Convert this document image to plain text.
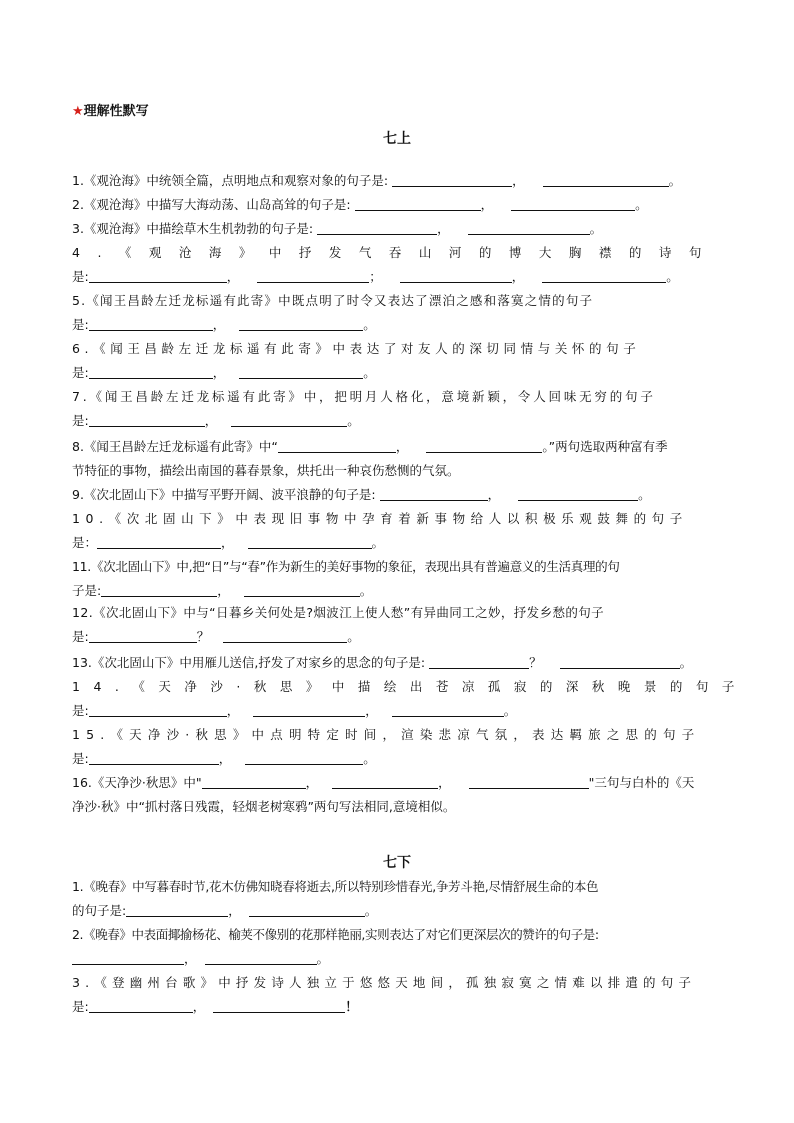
★理解性默写
七上
1.《观沧海》中统领全篇，点明地点和观察对象的句子是:	，	。
2.《观沧海》中描写大海动荡、山岛高耸的句子是:	，	。
3.《观沧海》中描绘草木生机勃勃的句子是:	，	。
4.《观沧海》中抒发气吞山河的博大胸襟的诗句
是:	，	；	，	。
5.《闻王昌龄左迁龙标遥有此寄》中既点明了时令又表达了漂泊之感和落寞之情的句子
是:	，	。
6.《闻王昌龄左迁龙标遥有此寄》中表达了对友人的深切同情与关怀的句子
是:	，	。
7.《闻王昌龄左迁龙标遥有此寄》中，把明月人格化，意境新颖，令人回味无穷的句子
是:	，	。
8.《闻王昌龄左迁龙标遥有此寄》中“	，	。”两句选取两种富有季
节特征的事物，描绘出南国的暮春景象，烘托出一种哀伤愁恻的气氛。
9.《次北固山下》中描写平野开阔、波平浪静的句子是:	，	。
10.《次北固山下》中表现旧事物中孕育着新事物给人以积极乐观鼓舞的句子
是：	，	。
11.《次北固山下》中,把“日”与“春”作为新生的美好事物的象征，表现出具有普遍意义的生活真理的句
子是:	，	。
12.《次北固山下》中与“日暮乡关何处是?烟波江上使人愁”有异曲同工之妙，抒发乡愁的句子
是:	？	。
13.《次北固山下》中用雁儿送信,抒发了对家乡的思念的句子是:	？	。
14.《天净沙·秋思》中描绘出苍凉孤寂的深秋晚景的句子
是:	，	，	。
15.《天净沙·秋思》中点明特定时间，渲染悲凉气氛，表达羁旅之思的句子
是:	，	。
16.《天净沙·秋思》中"	，	，	"三句与白朴的《天
净沙·秋》中“抓村落日残霞，轻烟老树寒鸦”两句写法相同,意境相似。
七下
1.《晚春》中写暮春时节,花木仿佛知晓春将逝去,所以特别珍惜春光,争芳斗艳,尽情舒展生命的本色
的句子是:	，	。
2.《晚春》中表面揶揄杨花、榆荚不像别的花那样艳丽,实则表达了对它们更深层次的赞许的句子是:
，	。
3.《登幽州台歌》中抒发诗人独立于悠悠天地间，孤独寂寞之情难以排遣的句子
是:	，	！
